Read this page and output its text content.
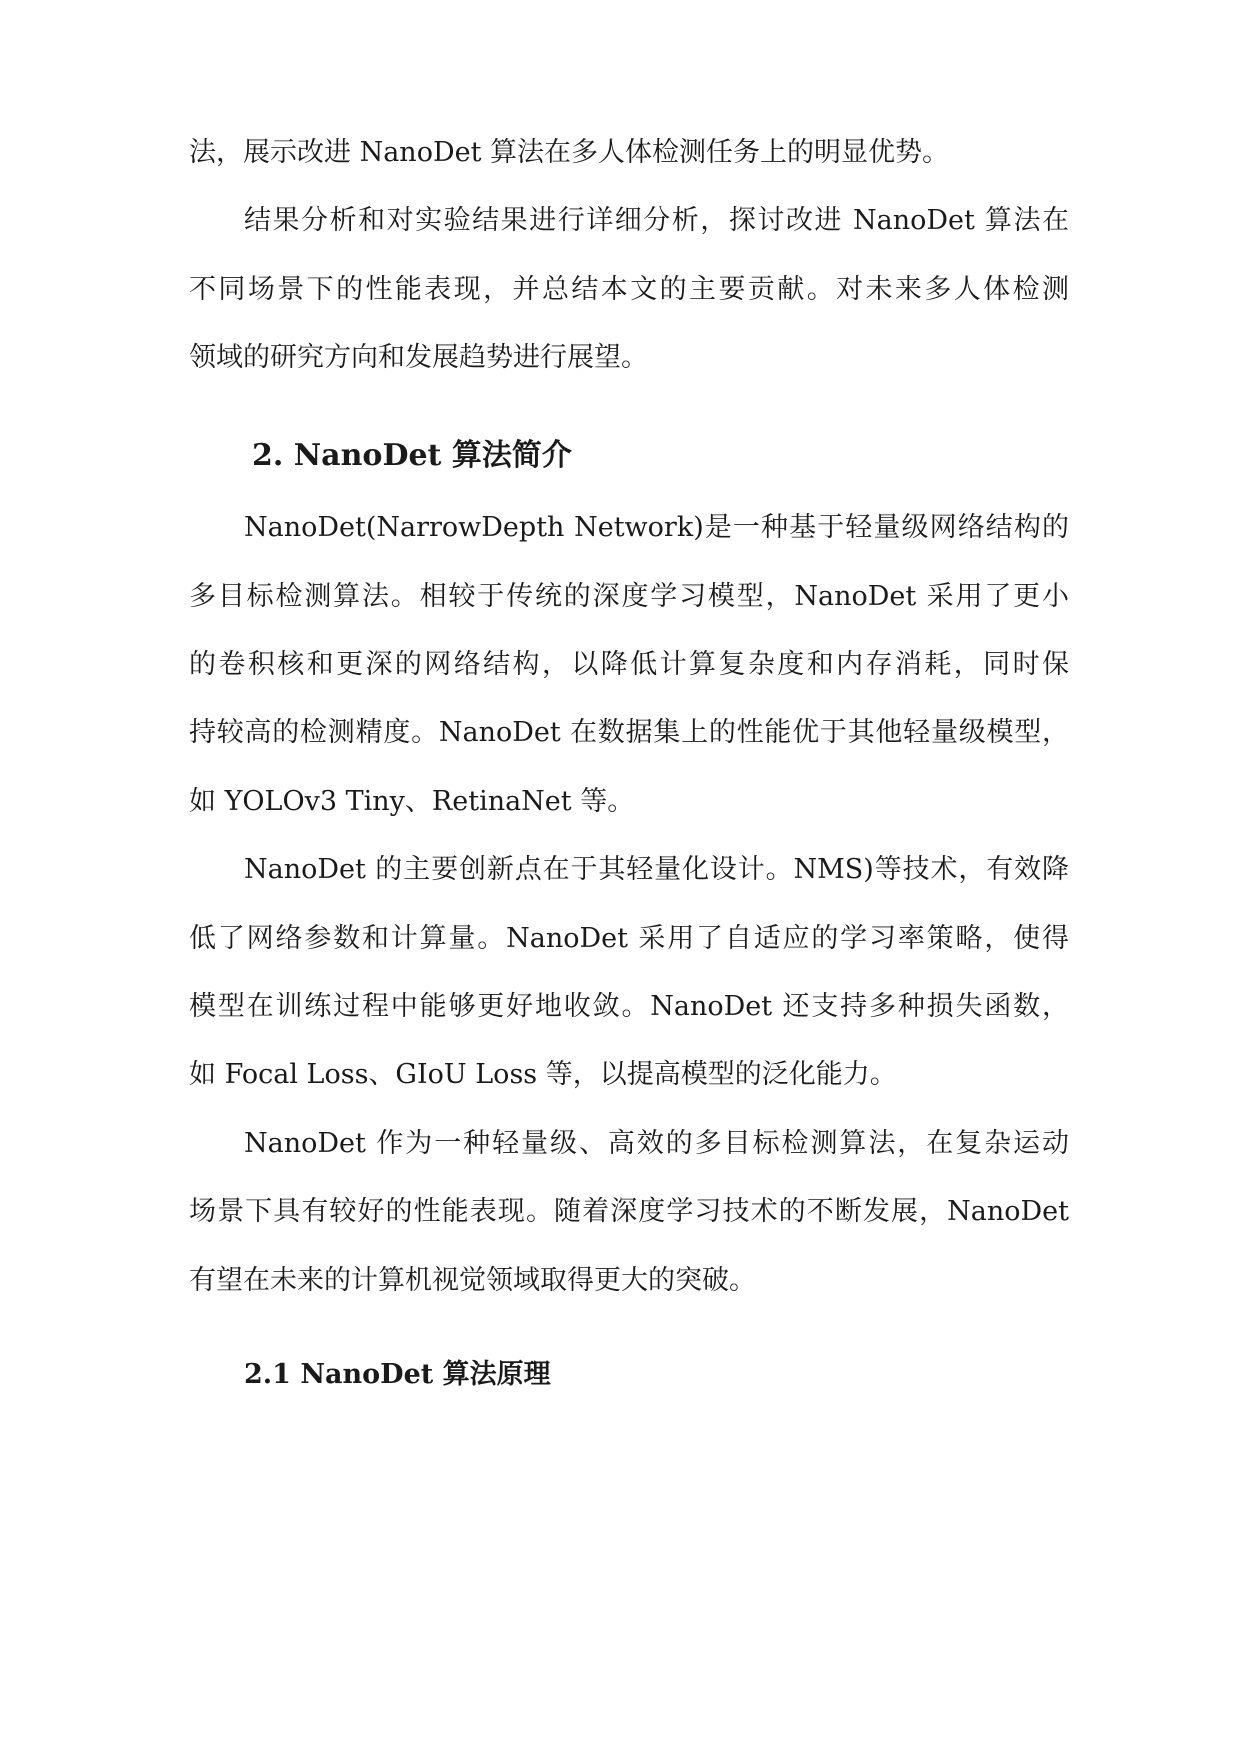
法，展示改进 NanoDet 算法在多人体检测任务上的明显优势。

结果分析和对实验结果进行详细分析，探讨改进 NanoDet 算法在

不同场景下的性能表现，并总结本文的主要贡献。对未来多人体检测

领域的研究方向和发展趋势进行展望。

2. NanoDet 算法简介

NanoDet(NarrowDepth Network)是一种基于轻量级网络结构的

多目标检测算法。相较于传统的深度学习模型，NanoDet 采用了更小

的卷积核和更深的网络结构，以降低计算复杂度和内存消耗，同时保

持较高的检测精度。NanoDet 在数据集上的性能优于其他轻量级模型，

如 YOLOv3 Tiny、RetinaNet 等。

NanoDet 的主要创新点在于其轻量化设计。NMS)等技术，有效降

低了网络参数和计算量。NanoDet 采用了自适应的学习率策略，使得

模型在训练过程中能够更好地收敛。NanoDet 还支持多种损失函数，

如 Focal Loss、GIoU Loss 等，以提高模型的泛化能力。

NanoDet 作为一种轻量级、高效的多目标检测算法，在复杂运动

场景下具有较好的性能表现。随着深度学习技术的不断发展，NanoDet

有望在未来的计算机视觉领域取得更大的突破。

2.1 NanoDet 算法原理
